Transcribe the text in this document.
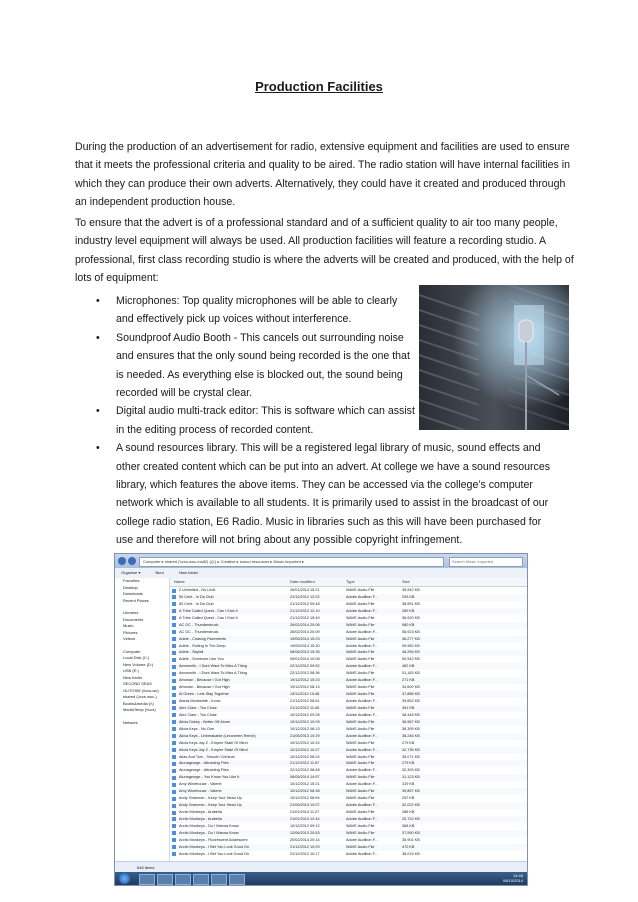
Production Facilities
During the production of an advertisement for radio, extensive equipment and facilities are used to ensure that it meets the professional criteria and quality to be aired. The radio station will have internal facilities in which they can produce their own adverts. Alternatively, they could have it created and produced through an independent production house.
To ensure that the advert is of a professional standard and of a sufficient quality to air too many people, industry level equipment will always be used. All production facilities will feature a recording studio. A professional, first class recording studio is where the adverts will be created and produced, with the help of lots of equipment:
• Microphones: Top quality microphones will be able to clearly and effectively pick up voices without interference.
• Soundproof Audio Booth - This cancels out surrounding noise and ensures that the only sound being recorded is the one that is needed. As everything else is blocked out, the sound being recorded will be crystal clear.
• Digital audio multi-track editor: This is software which can assist in the editing process of recorded content.
• A sound resources library. This will be a registered legal library of music, sound effects and other created content which can be put into an advert. At college we have a sound resources library, which features the above items. They can be accessed via the college’s computer network which is available to all students. It is primarily used to assist in the broadcast of our college radio station, E6 Radio. Music in libraries such as this will have been purchased for use and therefore will not bring about any possible copyright infringement.
Computer ▸ shared (\\ccs-wsc-ms82) (Q:) ▸ Creative ▸ sound resources ▸ Music Imported ▸	Search Music Imported
Organize ▾	Burn	New folder
Favorites
Desktop
Downloads
Recent Places
Libraries
Documents
Music
Pictures
Videos
Computer
Local Disk (C:)
New Volume (D:)
USB (E:)
New folder
SECOND SEAS
GUTOSM (\\ccs-wc)
shared (\\ccs-wsc-)
Books&media (\\)
MediaTemp (\\ccs)
Network
Name	Date modified	Type	Size
2 Unlimited - No Limit	26/01/2013 15:21	WAVE Audio File	35,942 KB
50 Cent - In Da Club	21/12/2012 12:22	Adobe Audition F...	293 KB
50 Cent - In Da Club	21/12/2012 09:48	WAVE Audio File	38,951 KB
A Tribe Called Quest - Can I Kick It	21/12/2012 12:10	Adobe Audition F...	289 KB
A Tribe Called Quest - Can I Kick It	21/12/2012 15:49	WAVE Audio File	36,920 KB
AC DC - Thunderstruck	26/02/2014 20:06	WAVE Audio File	980 KB
AC DC - Thunderstruck	26/02/2014 20:09	Adobe Audition F...	58,923 KB
Adele - Chasing Pavements	19/05/2014 15:23	WAVE Audio File	36,277 KB
Adele - Rolling In The Deep	19/05/2014 15:30	Adobe Audition F...	39,982 KB
Adele - Skyfall	08/06/2013 15:35	WAVE Audio File	46,256 KB
Adele - Someone Like You	09/01/2014 10:08	WAVE Audio File	50,942 KB
Aerosmith - I Dont Want To Miss A Thing	22/12/2012 09:52	Adobe Audition F...	482 KB
Aerosmith - I Dont Want To Miss A Thing	22/12/2012 08:36	WAVE Audio File	51,183 KB
Afroman - Because I Got High	19/12/2012 10:23	Adobe Audition F...	271 KB
Afroman - Because I Got High	19/12/2012 08:13	WAVE Audio File	34,600 KB
Al Green - Lets Stay Together	13/11/2012 10:48	WAVE Audio File	37,886 KB
Alanis Morissette - Ironic	21/12/2012 08:51	Adobe Audition F...	39,652 KB
Alex Clare - Too Close	21/12/2012 11:46	WAVE Audio File	491 KB
Alex Clare - Too Close	10/12/2012 09:28	Adobe Audition F...	38,448 KB
Alicia Dokey - Better Off Alone	10/12/2012 10:09	WAVE Audio File	36,987 KB
Alicia Keys - No One	10/12/2012 08:13	WAVE Audio File	36,395 KB
Alicia Keys - Unbreakable (Leconmen Remix)	21/05/2013 10:29	Adobe Audition F...	38,246 KB
Alicia Keys Jay Z - Empire State Of Mind	10/12/2012 10:24	WAVE Audio File	279 KB
Alicia Keys Jay Z - Empire State Of Mind	10/12/2012 10:27	Adobe Audition F...	42,735 KB
Alias And Tom - Smooth Criminal	10/12/2012 08:24	WAVE Audio File	35,071 KB
Alunageorge - Attracting Flies	21/12/2012 11:57	WAVE Audio File	279 KB
Alunageorge - Attracting Flies	22/12/2012 08:48	Adobe Audition F...	32,393 KB
Alunageorge - You Know You Like It	08/05/2014 14:57	WAVE Audio File	31,123 KB
Amy Winehouse - Valerie	10/12/2012 15:21	Adobe Audition F...	319 KB
Amy Winehouse - Valerie	10/12/2012 08:38	WAVE Audio File	39,857 KB
Andy Grammer - Keep Your Head Up	10/12/2012 08:54	WAVE Audio File	297 KB
Andy Grammer - Keep Your Head Up	21/05/2013 10:07	Adobe Audition F...	32,022 KB
Arctic Monkeys - Arabella	21/01/2013 11:27	WAVE Audio File	288 KB
Arctic Monkeys - Arabella	21/01/2013 12:44	Adobe Audition F...	25,722 KB
Arctic Monkeys - Do I Wanna Know	10/12/2012 09:12	WAVE Audio File	368 KB
Arctic Monkeys - Do I Wanna Know	12/06/2013 20:53	WAVE Audio File	37,590 KB
Arctic Monkeys - Fluorescent Adolescent	20/02/2014 20:14	Adobe Audition F...	35,901 KB
Arctic Monkeys - I Bet You Look Good On	21/12/2012 10:29	WAVE Audio File	470 KB
Arctic Monkeys - I Bet You Look Good On	21/12/2012 10:17	Adobe Audition F...	38,015 KB
646 items
14:46
06/10/2014
